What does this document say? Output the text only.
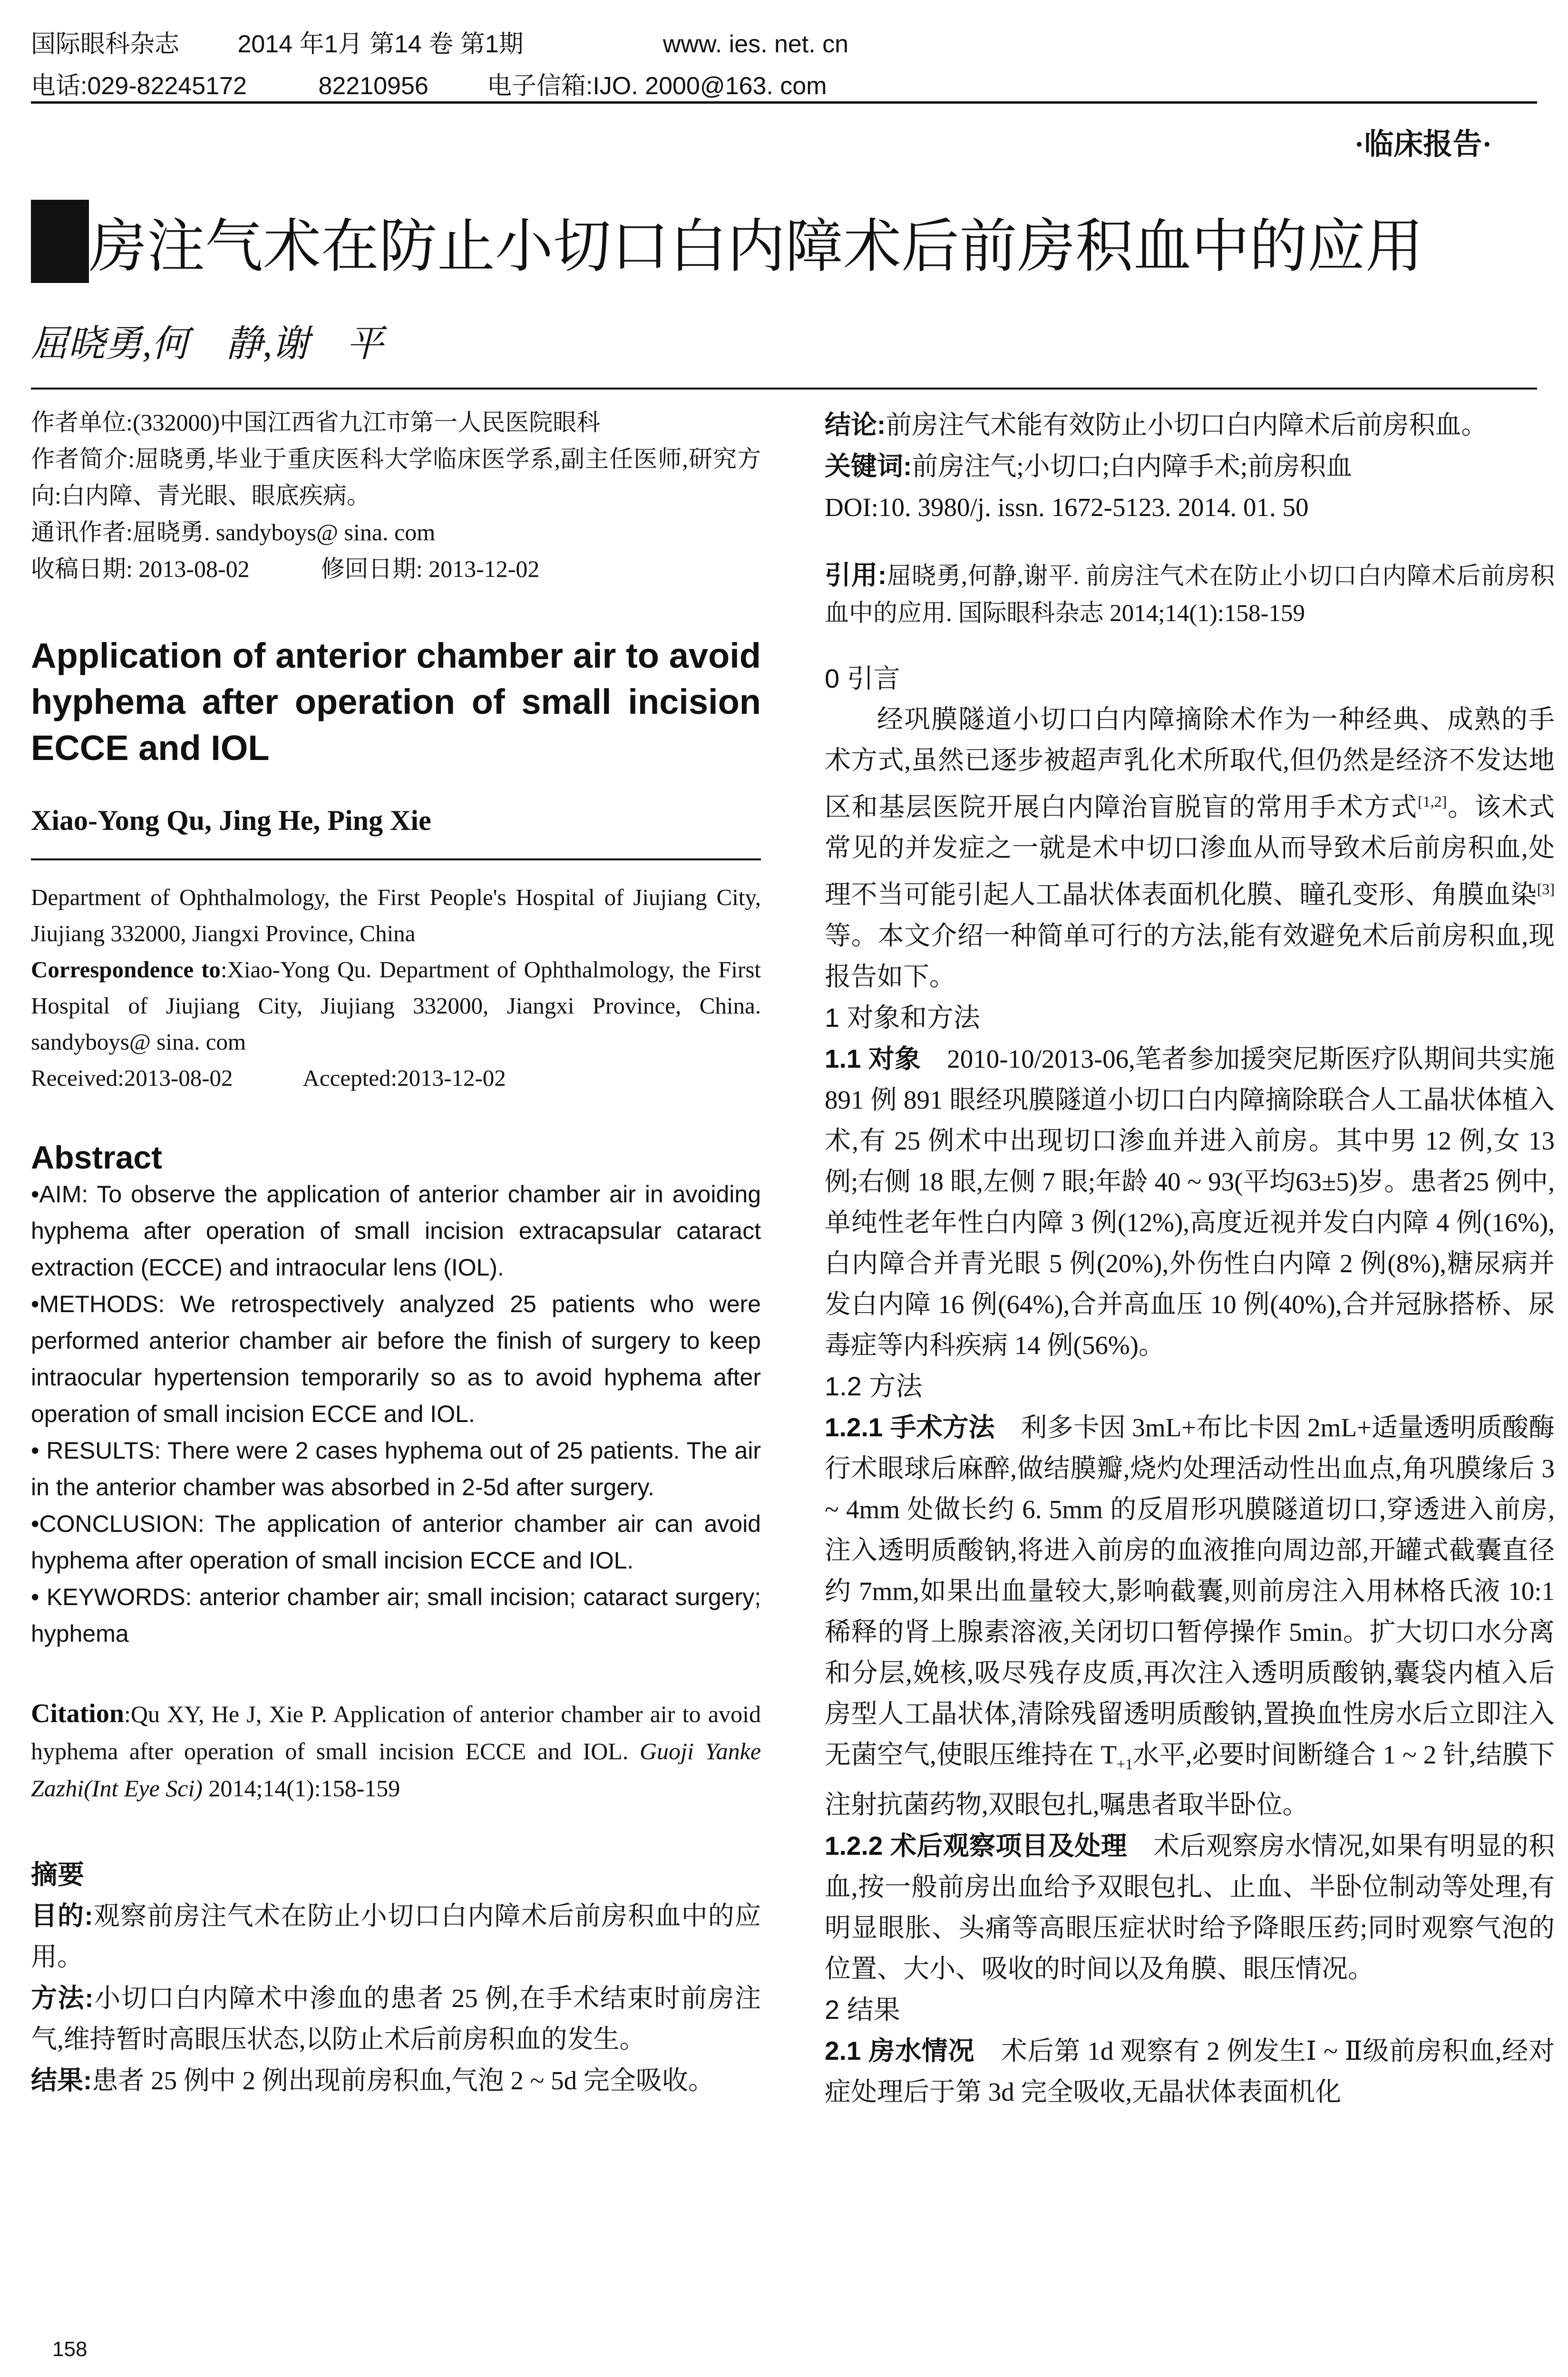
国际眼科杂志 2014 年1月 第14 卷 第1期	www. ies. net. cn
电话:029-82245172	82210956 电子信箱:IJO. 2000@163. com
·临床报告·
前房注气术在防止小切口白内障术后前房积血中的应用
屈晓勇,何　静,谢　平

作者单位:(332000)中国江西省九江市第一人民医院眼科

作者简介:屈晓勇,毕业于重庆医科大学临床医学系,副主任医师,研究方向:白内障、青光眼、眼底疾病。

通讯作者:屈晓勇. sandyboys@ sina. com

收稿日期: 2013-08-02　　　修回日期: 2013-12-02

Application of anterior chamber air to avoid hyphema after operation of small incision ECCE and IOL

Xiao-Yong Qu, Jing He, Ping Xie

Department of Ophthalmology, the First People's Hospital of Jiujiang City, Jiujiang 332000, Jiangxi Province, China

Correspondence to:Xiao-Yong Qu. Department of Ophthalmology, the First Hospital of Jiujiang City, Jiujiang 332000, Jiangxi Province, China. sandyboys@ sina. com

Received:2013-08-02　　　Accepted:2013-12-02

Abstract

•AIM: To observe the application of anterior chamber air in avoiding hyphema after operation of small incision extracapsular cataract extraction (ECCE) and intraocular lens (IOL).

•METHODS: We retrospectively analyzed 25 patients who were performed anterior chamber air before the finish of surgery to keep intraocular hypertension temporarily so as to avoid hyphema after operation of small incision ECCE and IOL.

• RESULTS: There were 2 cases hyphema out of 25 patients. The air in the anterior chamber was absorbed in 2-5d after surgery.

•CONCLUSION: The application of anterior chamber air can avoid hyphema after operation of small incision ECCE and IOL.

• KEYWORDS: anterior chamber air; small incision; cataract surgery; hyphema

Citation:Qu XY, He J, Xie P. Application of anterior chamber air to avoid hyphema after operation of small incision ECCE and IOL. Guoji Yanke Zazhi(Int Eye Sci) 2014;14(1):158-159

摘要

目的:观察前房注气术在防止小切口白内障术后前房积血中的应用。

方法:小切口白内障术中渗血的患者 25 例,在手术结束时前房注气,维持暂时高眼压状态,以防止术后前房积血的发生。

结果:患者 25 例中 2 例出现前房积血,气泡 2 ~ 5d 完全吸收。

结论:前房注气术能有效防止小切口白内障术后前房积血。

关键词:前房注气;小切口;白内障手术;前房积血

DOI:10. 3980/j. issn. 1672-5123. 2014. 01. 50

引用:屈晓勇,何静,谢平. 前房注气术在防止小切口白内障术后前房积血中的应用. 国际眼科杂志 2014;14(1):158-159

0 引言

经巩膜隧道小切口白内障摘除术作为一种经典、成熟的手术方式,虽然已逐步被超声乳化术所取代,但仍然是经济不发达地区和基层医院开展白内障治盲脱盲的常用手术方式[1,2]。该术式常见的并发症之一就是术中切口渗血从而导致术后前房积血,处理不当可能引起人工晶状体表面机化膜、瞳孔变形、角膜血染[3]等。本文介绍一种简单可行的方法,能有效避免术后前房积血,现报告如下。

1 对象和方法

1.1 对象　 2010-10/2013-06,笔者参加援突尼斯医疗队期间共实施 891 例 891 眼经巩膜隧道小切口白内障摘除联合人工晶状体植入术,有 25 例术中出现切口渗血并进入前房。其中男 12 例,女 13 例;右侧 18 眼,左侧 7 眼;年龄 40 ~ 93(平均63±5)岁。患者25 例中,单纯性老年性白内障 3 例(12%),高度近视并发白内障 4 例(16%),白内障合并青光眼 5 例(20%),外伤性白内障 2 例(8%),糖尿病并发白内障 16 例(64%),合并高血压 10 例(40%),合并冠脉搭桥、尿毒症等内科疾病 14 例(56%)。

1.2 方法

1.2.1 手术方法　 利多卡因 3mL+布比卡因 2mL+适量透明质酸酶行术眼球后麻醉,做结膜瓣,烧灼处理活动性出血点,角巩膜缘后 3 ~ 4mm 处做长约 6. 5mm 的反眉形巩膜隧道切口,穿透进入前房,注入透明质酸钠,将进入前房的血液推向周边部,开罐式截囊直径约 7mm,如果出血量较大,影响截囊,则前房注入用林格氏液 10:1 稀释的肾上腺素溶液,关闭切口暂停操作 5min。扩大切口水分离和分层,娩核,吸尽残存皮质,再次注入透明质酸钠,囊袋内植入后房型人工晶状体,清除残留透明质酸钠,置换血性房水后立即注入无菌空气,使眼压维持在 $T_{+1}$水平,必要时间断缝合 1 ~ 2 针,结膜下注射抗菌药物,双眼包扎,嘱患者取半卧位。

1.2.2 术后观察项目及处理　 术后观察房水情况,如果有明显的积血,按一般前房出血给予双眼包扎、止血、半卧位制动等处理,有明显眼胀、头痛等高眼压症状时给予降眼压药;同时观察气泡的位置、大小、吸收的时间以及角膜、眼压情况。

2 结果

2.1 房水情况　 术后第 1d 观察有 2 例发生Ⅰ ~ Ⅱ级前房积血,经对症处理后于第 3d 完全吸收,无晶状体表面机化

158
